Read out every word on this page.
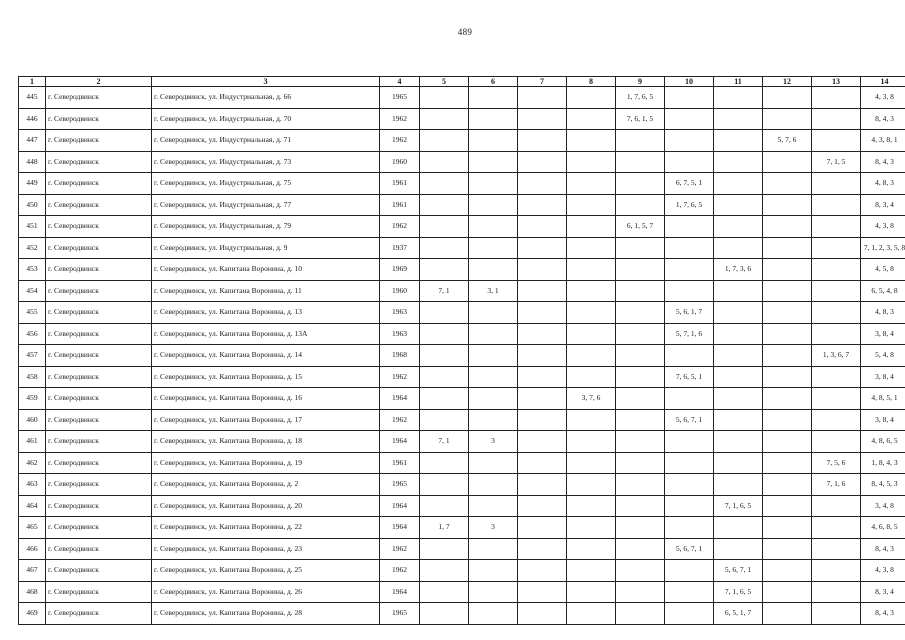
489
1	2	3	4	5	6	7	8	9	10	11	12	13	14
445	г. Северодвинск	г. Северодвинск, ул. Индустриальная, д. 66	1965					1, 7, 6, 5					4, 3, 8
446	г. Северодвинск	г. Северодвинск, ул. Индустриальная, д. 70	1962					7, 6, 1, 5					8, 4, 3
447	г. Северодвинск	г. Северодвинск, ул. Индустриальная, д. 71	1962								5, 7, 6		4, 3, 8, 1
448	г. Северодвинск	г. Северодвинск, ул. Индустриальная, д. 73	1960									7, 1, 5	8, 4, 3
449	г. Северодвинск	г. Северодвинск, ул. Индустриальная, д. 75	1961						6, 7, 5, 1				4, 8, 3
450	г. Северодвинск	г. Северодвинск, ул. Индустриальная, д. 77	1961						1, 7, 6, 5				8, 3, 4
451	г. Северодвинск	г. Северодвинск, ул. Индустриальная, д. 79	1962					6, 1, 5, 7					4, 3, 8
452	г. Северодвинск	г. Северодвинск, ул. Индустриальная, д. 9	1937										7, 1, 2, 3, 5, 8
453	г. Северодвинск	г. Северодвинск, ул. Капитана Воронина, д. 10	1969							1, 7, 3, 6			4, 5, 8
454	г. Северодвинск	г. Северодвинск, ул. Капитана Воронина, д. 11	1960	7, 1	3, 1								6, 5, 4, 8
455	г. Северодвинск	г. Северодвинск, ул. Капитана Воронина, д. 13	1963						5, 6, 1, 7				4, 8, 3
456	г. Северодвинск	г. Северодвинск, ул. Капитана Воронина, д. 13А	1963						5, 7, 1, 6				3, 8, 4
457	г. Северодвинск	г. Северодвинск, ул. Капитана Воронина, д. 14	1968									1, 3, 6, 7	5, 4, 8
458	г. Северодвинск	г. Северодвинск, ул. Капитана Воронина, д. 15	1962						7, 6, 5, 1				3, 8, 4
459	г. Северодвинск	г. Северодвинск, ул. Капитана Воронина, д. 16	1964				3, 7, 6						4, 8, 5, 1
460	г. Северодвинск	г. Северодвинск, ул. Капитана Воронина, д. 17	1962						5, 6, 7, 1				3, 8, 4
461	г. Северодвинск	г. Северодвинск, ул. Капитана Воронина, д. 18	1964	7, 1	3								4, 8, 6, 5
462	г. Северодвинск	г. Северодвинск, ул. Капитана Воронина, д. 19	1961									7, 5, 6	1, 8, 4, 3
463	г. Северодвинск	г. Северодвинск, ул. Капитана Воронина, д. 2	1965									7, 1, 6	8, 4, 5, 3
464	г. Северодвинск	г. Северодвинск, ул. Капитана Воронина, д. 20	1964							7, 1, 6, 5			3, 4, 8
465	г. Северодвинск	г. Северодвинск, ул. Капитана Воронина, д. 22	1964	1, 7	3								4, 6, 8, 5
466	г. Северодвинск	г. Северодвинск, ул. Капитана Воронина, д. 23	1962						5, 6, 7, 1				8, 4, 3
467	г. Северодвинск	г. Северодвинск, ул. Капитана Воронина, д. 25	1962							5, 6, 7, 1			4, 3, 8
468	г. Северодвинск	г. Северодвинск, ул. Капитана Воронина, д. 26	1964							7, 1, 6, 5			8, 3, 4
469	г. Северодвинск	г. Северодвинск, ул. Капитана Воронина, д. 28	1965							6, 5, 1, 7			8, 4, 3
